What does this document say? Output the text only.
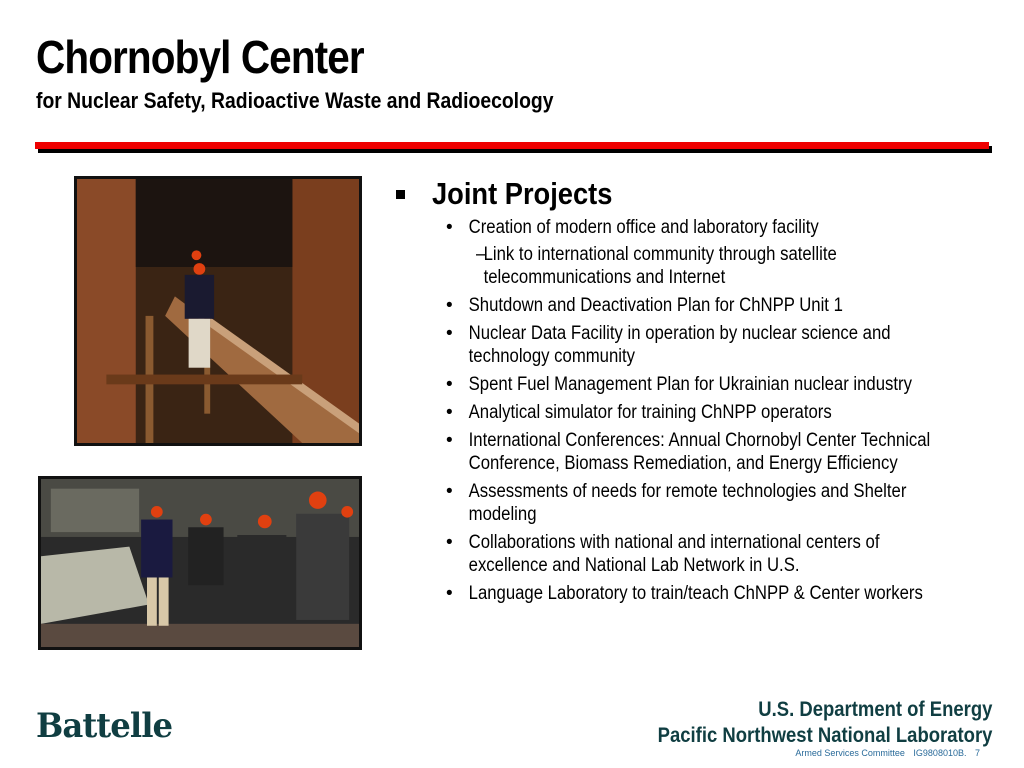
Chornobyl Center
for Nuclear Safety, Radioactive Waste and Radioecology
Joint Projects
• Creation of modern office and laboratory facility
–
Link to international community through satellite telecommunications and Internet
• Shutdown and Deactivation Plan for ChNPP Unit 1
• Nuclear Data Facility in operation by nuclear science and technology community
• Spent Fuel Management Plan for Ukrainian nuclear industry
• Analytical simulator for training ChNPP operators
• International Conferences: Annual Chornobyl Center Technical Conference, Biomass Remediation, and Energy Efficiency
• Assessments of needs for remote technologies and Shelter modeling
• Collaborations with national and international centers of excellence and National Lab Network in U.S.
• Language Laboratory to train/teach ChNPP & Center workers
Battelle	U.S. Department of Energy
Pacific Northwest National Laboratory
Armed Services Committee IG9808010B. 7
